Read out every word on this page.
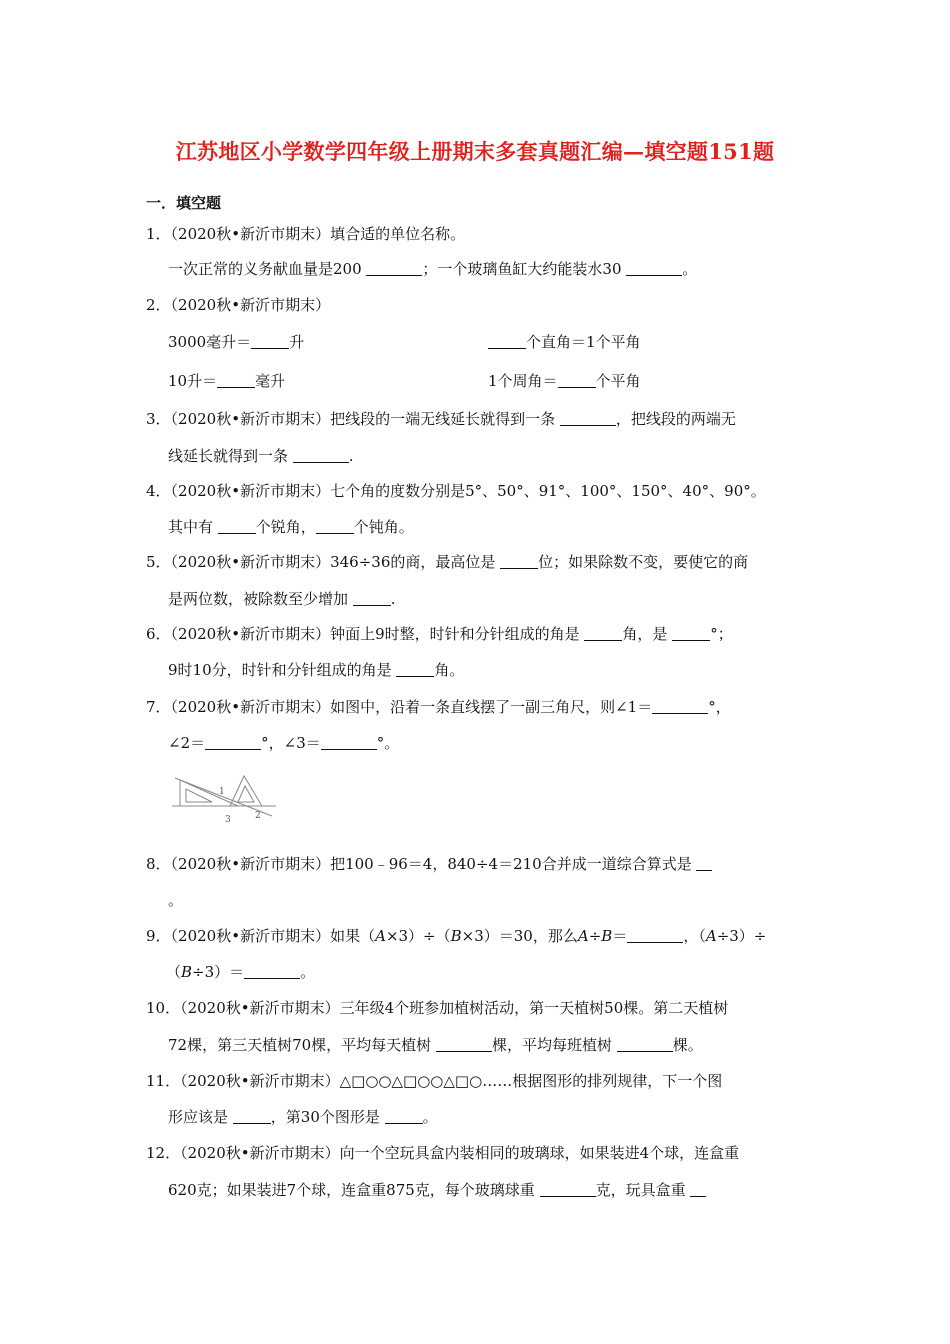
江苏地区小学数学四年级上册期末多套真题汇编—填空题151题
一．填空题
1．（2020秋•新沂市期末）填合适的单位名称。
一次正常的义务献血量是200	；一个玻璃鱼缸大约能装水30	。
2．（2020秋•新沂市期末）
3000毫升＝	升	个直角＝1个平角
10升＝	毫升	1个周角＝	个平角
3．（2020秋•新沂市期末）把线段的一端无线延长就得到一条	，把线段的两端无
线延长就得到一条	.
4．（2020秋•新沂市期末）七个角的度数分别是5°、50°、91°、100°、150°、40°、90°。
其中有	个锐角，	个钝角。
5．（2020秋•新沂市期末）346÷36的商，最高位是	位；如果除数不变，要使它的商
是两位数，被除数至少增加	.
6．（2020秋•新沂市期末）钟面上9时整，时针和分针组成的角是	角，是	°；
9时10分，时针和分针组成的角是	角。
7．（2020秋•新沂市期末）如图中，沿着一条直线摆了一副三角尺，则∠1＝	°，
∠2＝	°，∠3＝	°。
1
3	2
8．（2020秋•新沂市期末）把100﹣96＝4，840÷4＝210合并成一道综合算式是
。
9．（2020秋•新沂市期末）如果（A×3）÷（B×3）＝30，那么A÷B＝	，（A÷3）÷
（B÷3）＝	。
10．（2020秋•新沂市期末）三年级4个班参加植树活动，第一天植树50棵。第二天植树
72棵，第三天植树70棵，平均每天植树	棵，平均每班植树	棵。
11．（2020秋•新沂市期末）△□○○△□○○△□○……根据图形的排列规律，下一个图
形应该是	，第30个图形是	。
12．（2020秋•新沂市期末）向一个空玩具盒内装相同的玻璃球，如果装进4个球，连盒重
620克；如果装进7个球，连盒重875克，每个玻璃球重	克，玩具盒重
